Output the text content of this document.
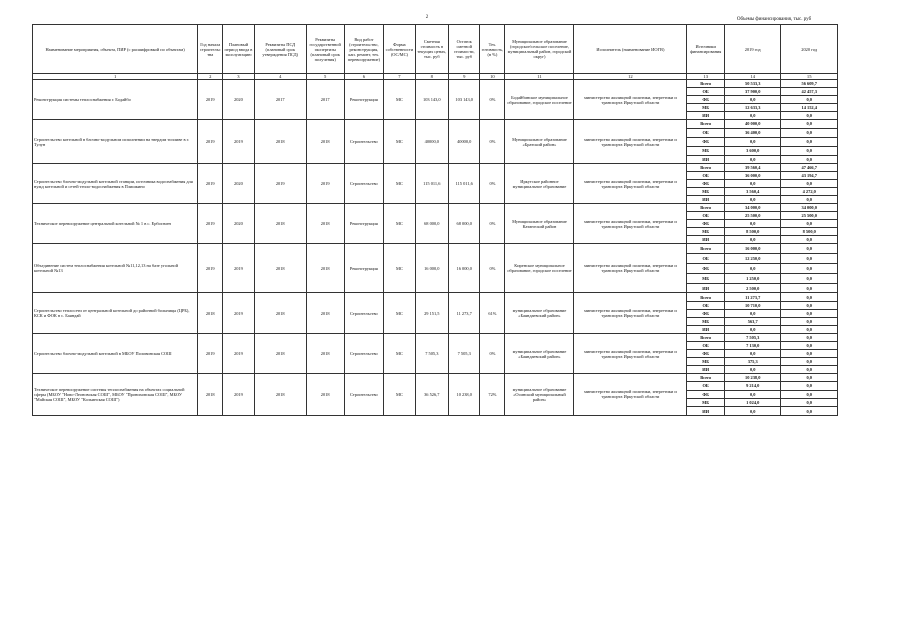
2	Объемы финансирования, тыс. руб
Наименование мероприятия, объекта, ПИР (с расшифровкой по объектам)	Год начала строительства	Плановый период ввода в эксплуатацию	Реквизиты ПСД (плановый срок утверждения ПСД)	Реквизиты государственной экспертизы (плановый срок получения)	Вид работ (строительство, реконструкция, кап. ремонт, тех. перевооружение)	Форма собственности (ОС/МС)	Сметная стоимость в текущих ценах, тыс. руб	Остаток сметной стоимости, тыс. руб	Тех. готовность, (в %)	Муниципальное образование (городское/сельское поселение, муниципальный район, городской округ)	Исполнитель (наименование ИОГВ)	Источники финансирования	2019 год	2020 год
1	2	3	4	5	6	7	8	9	10	11	12	13	14	15
Реконструкция системы теплоснабжения г. Бодайбо	2019	2020	2017	2017	Реконструкция	МС	103 143,0	103 143,0	0%	Бодайбинское муниципальное образование, городское поселение	министерство жилищной политики, энергетики и транспорта Иркутской области	Всего	50 533,3	56 609,7
												ОБ	37 900,0	42 457,3
												ФБ	0,0	0,0
												МБ	12 633,3	14 152,4
												ИИ	0,0	0,0
Строительство котельной в блочно-модульном исполнении на твердом топливе в г. Тулун	2019	2019	2018	2018	Строительство	МС	40000,0	40000,0	0%	Муниципальное образование «Братский район»	министерство жилищной политики, энергетики и транспорта Иркутской области	Всего	40 000,0	0,0
												ОБ	36 400,0	0,0
												ФБ	0,0	0,0
												МБ	3 600,0	0,0
												ИИ	0,0	0,0
Строительство блочно-модульной котельной станции, источника водоснабжения для нужд котельной и сетей тепло-водоснабжения в Плишкино	2019	2020	2019	2019	Строительство	МС	115 011,6	115 011,6	0%	Иркутское районное муниципальное образование	министерство жилищной политики, энергетики и транспорта Иркутской области	Всего	39 560,4	47 466,7
												ОБ	36 000,0	43 194,7
												ФБ	0,0	0,0
												МБ	3 560,4	4 272,0
												ИИ	0,0	0,0
Техническое перевооружение центральной котельной № 1 в с. Ербогачен	2019	2020	2018	2018	Реконструкция	МС	68 000,0	68 000,0	0%	Муниципальное образование Катангский район	министерство жилищной политики, энергетики и транспорта Иркутской области	Всего	34 000,0	34 000,0
												ОБ	25 500,0	25 500,0
												ФБ	0,0	0,0
												МБ	8 500,0	8 500,0
												ИИ	0,0	0,0
Объединение систем теплоснабжения котельной №11,12,13 на базе угольной котельной №13	2019	2019	2018	2018	Реконструкция	МС	16 000,0	16 000,0	0%	Киренское муниципальное образование, городское поселение	министерство жилищной политики, энергетики и транспорта Иркутской области	Всего	16 000,0	0,0
												ОБ	12 250,0	0,0
												ФБ	0,0	0,0
												МБ	1 250,0	0,0
												ИИ	2 500,0	0,0
Строительство теплосети от центральной котельной до районной больницы (ЦРБ), КСК и ФОК в с. Баяндай	2018	2019	2018	2018	Строительство	МС	29 151,5	11 273,7	61%	муниципальное образование «Баяндаевский район»	министерство жилищной политики, энергетики и транспорта Иркутской области	Всего	11 273,7	0,0
												ОБ	10 710,0	0,0
												ФБ	0,0	0,0
												МБ	563,7	0,0
												ИИ	0,0	0,0
Строительство блочно-модульной котельной в МБОУ Половинская СОШ	2019	2019	2018	2018	Строительство	МС	7 505,3	7 505,3	0%	муниципальное образование «Баяндаевский район»	министерство жилищной политики, энергетики и транспорта Иркутской области	Всего	7 505,3	0,0
												ОБ	7 130,0	0,0
												ФБ	0,0	0,0
												МБ	375,3	0,0
												ИИ	0,0	0,0
Техническое перевооружение системы теплоснабжения на объектах социальной сферы (МБОУ "Ново-Леоновская СОШ", МБОУ "Прониховская СОШ", МБОУ "Майская СОШ", МБОУ "Кольинская СОШ")	2018	2019	2018	2018	Строительство	МС	36 526,7	10 238,0	72%	муниципальное образование «Осинский муниципальный район»	министерство жилищной политики, энергетики и транспорта Иркутской области	Всего	10 238,0	0,0
												ОБ	9 214,0	0,0
												ФБ	0,0	0,0
												МБ	1 024,0	0,0
												ИИ	0,0	0,0
